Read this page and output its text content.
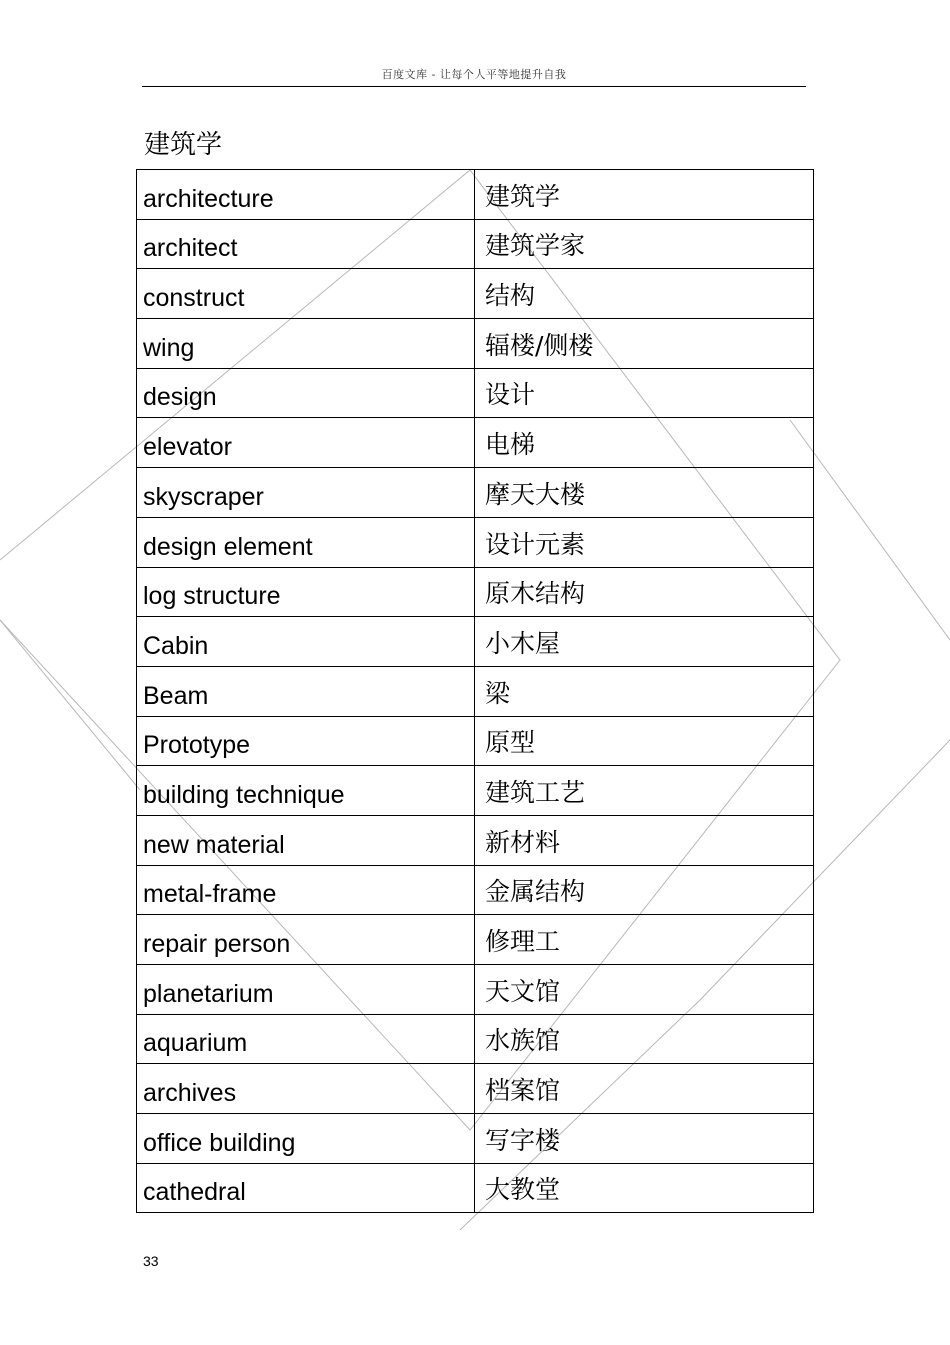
百度文库 - 让每个人平等地提升自我
建筑学
architecture	建筑学
architect	建筑学家
construct	结构
wing	辐楼/侧楼
design	设计
elevator	电梯
skyscraper	摩天大楼
design element	设计元素
log structure	原木结构
Cabin	小木屋
Beam	梁
Prototype	原型
building technique	建筑工艺
new material	新材料
metal-frame	金属结构
repair person	修理工
planetarium	天文馆
aquarium	水族馆
archives	档案馆
office building	写字楼
cathedral	大教堂
33
